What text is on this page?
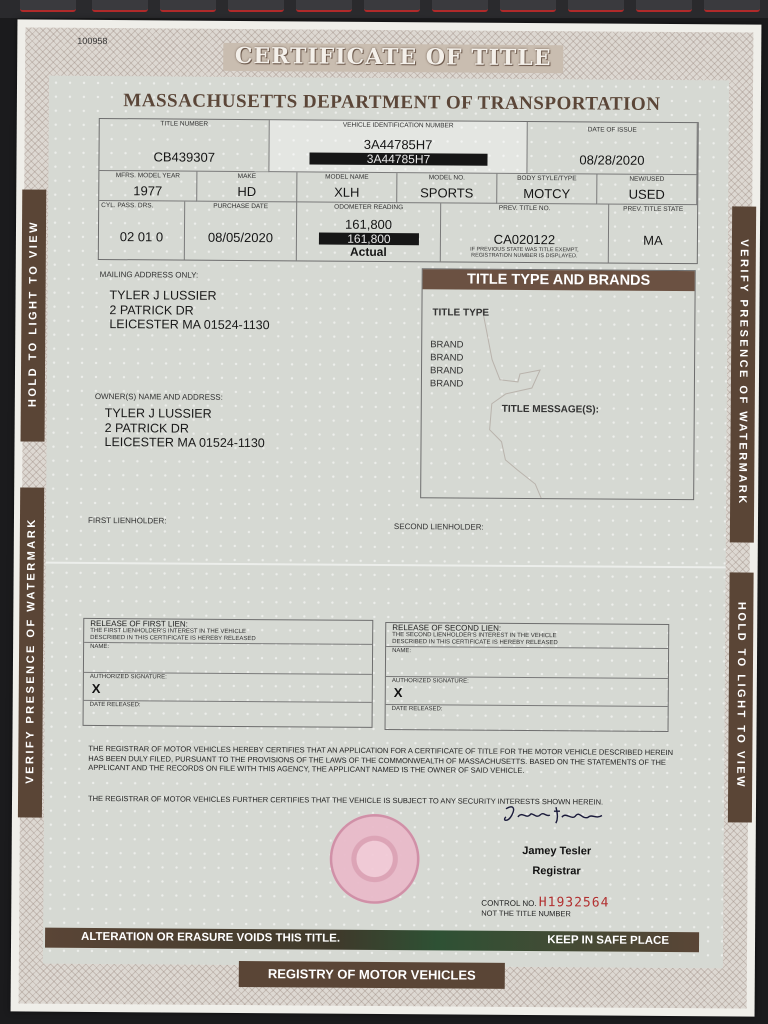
100958
CERTIFICATE OF TITLE
MASSACHUSETTS DEPARTMENT OF TRANSPORTATION
TITLE NUMBER
CB439307
VEHICLE IDENTIFICATION NUMBER
3A44785H7
3A44785H7
DATE OF ISSUE
08/28/2020
MFRS. MODEL YEAR
1977
MAKE
HD
MODEL NAME
XLH
MODEL NO.
SPORTS
BODY STYLE/TYPE
MOTCY
NEW/USED
USED
CYL. PASS. DRS.
02 01 0
PURCHASE DATE
08/05/2020
ODOMETER READING
161,800
161,800
Actual
PREV. TITLE NO.
CA020122
IF PREVIOUS STATE WAS TITLE EXEMPT,
REGISTRATION NUMBER IS DISPLAYED.
PREV. TITLE STATE
MA
MAILING ADDRESS ONLY:
TYLER J LUSSIER
2 PATRICK DR
LEICESTER MA 01524-1130
OWNER(S) NAME AND ADDRESS:
TYLER J LUSSIER
2 PATRICK DR
LEICESTER MA 01524-1130
TITLE TYPE AND BRANDS
TITLE TYPE
BRAND
BRAND
BRAND
BRAND
TITLE MESSAGE(S):
FIRST LIENHOLDER:
SECOND LIENHOLDER:
RELEASE OF FIRST LIEN:
THE FIRST LIENHOLDER'S INTEREST IN THE VEHICLE
DESCRIBED IN THIS CERTIFICATE IS HEREBY RELEASED
NAME:
AUTHORIZED SIGNATURE:
X
DATE RELEASED:
RELEASE OF SECOND LIEN:
THE SECOND LIENHOLDER'S INTEREST IN THE VEHICLE
DESCRIBED IN THIS CERTIFICATE IS HEREBY RELEASED
NAME:
AUTHORIZED SIGNATURE:
X
DATE RELEASED:
THE REGISTRAR OF MOTOR VEHICLES HEREBY CERTIFIES THAT AN APPLICATION FOR A CERTIFICATE OF TITLE FOR THE MOTOR VEHICLE DESCRIBED HEREIN HAS BEEN DULY FILED, PURSUANT TO THE PROVISIONS OF THE LAWS OF THE COMMONWEALTH OF MASSACHUSETTS. BASED ON THE STATEMENTS OF THE APPLICANT AND THE RECORDS ON FILE WITH THIS AGENCY, THE APPLICANT NAMED IS THE OWNER OF SAID VEHICLE.
THE REGISTRAR OF MOTOR VEHICLES FURTHER CERTIFIES THAT THE VEHICLE IS SUBJECT TO ANY SECURITY INTERESTS SHOWN HEREIN.
Jamey Tesler
Registrar
CONTROL NO. H1932564
NOT THE TITLE NUMBER
ALTERATION OR ERASURE VOIDS THIS TITLE.	KEEP IN SAFE PLACE
REGISTRY OF MOTOR VEHICLES
HOLD TO LIGHT TO VIEW
VERIFY PRESENCE OF WATERMARK
VERIFY PRESENCE OF WATERMARK
HOLD TO LIGHT TO VIEW
